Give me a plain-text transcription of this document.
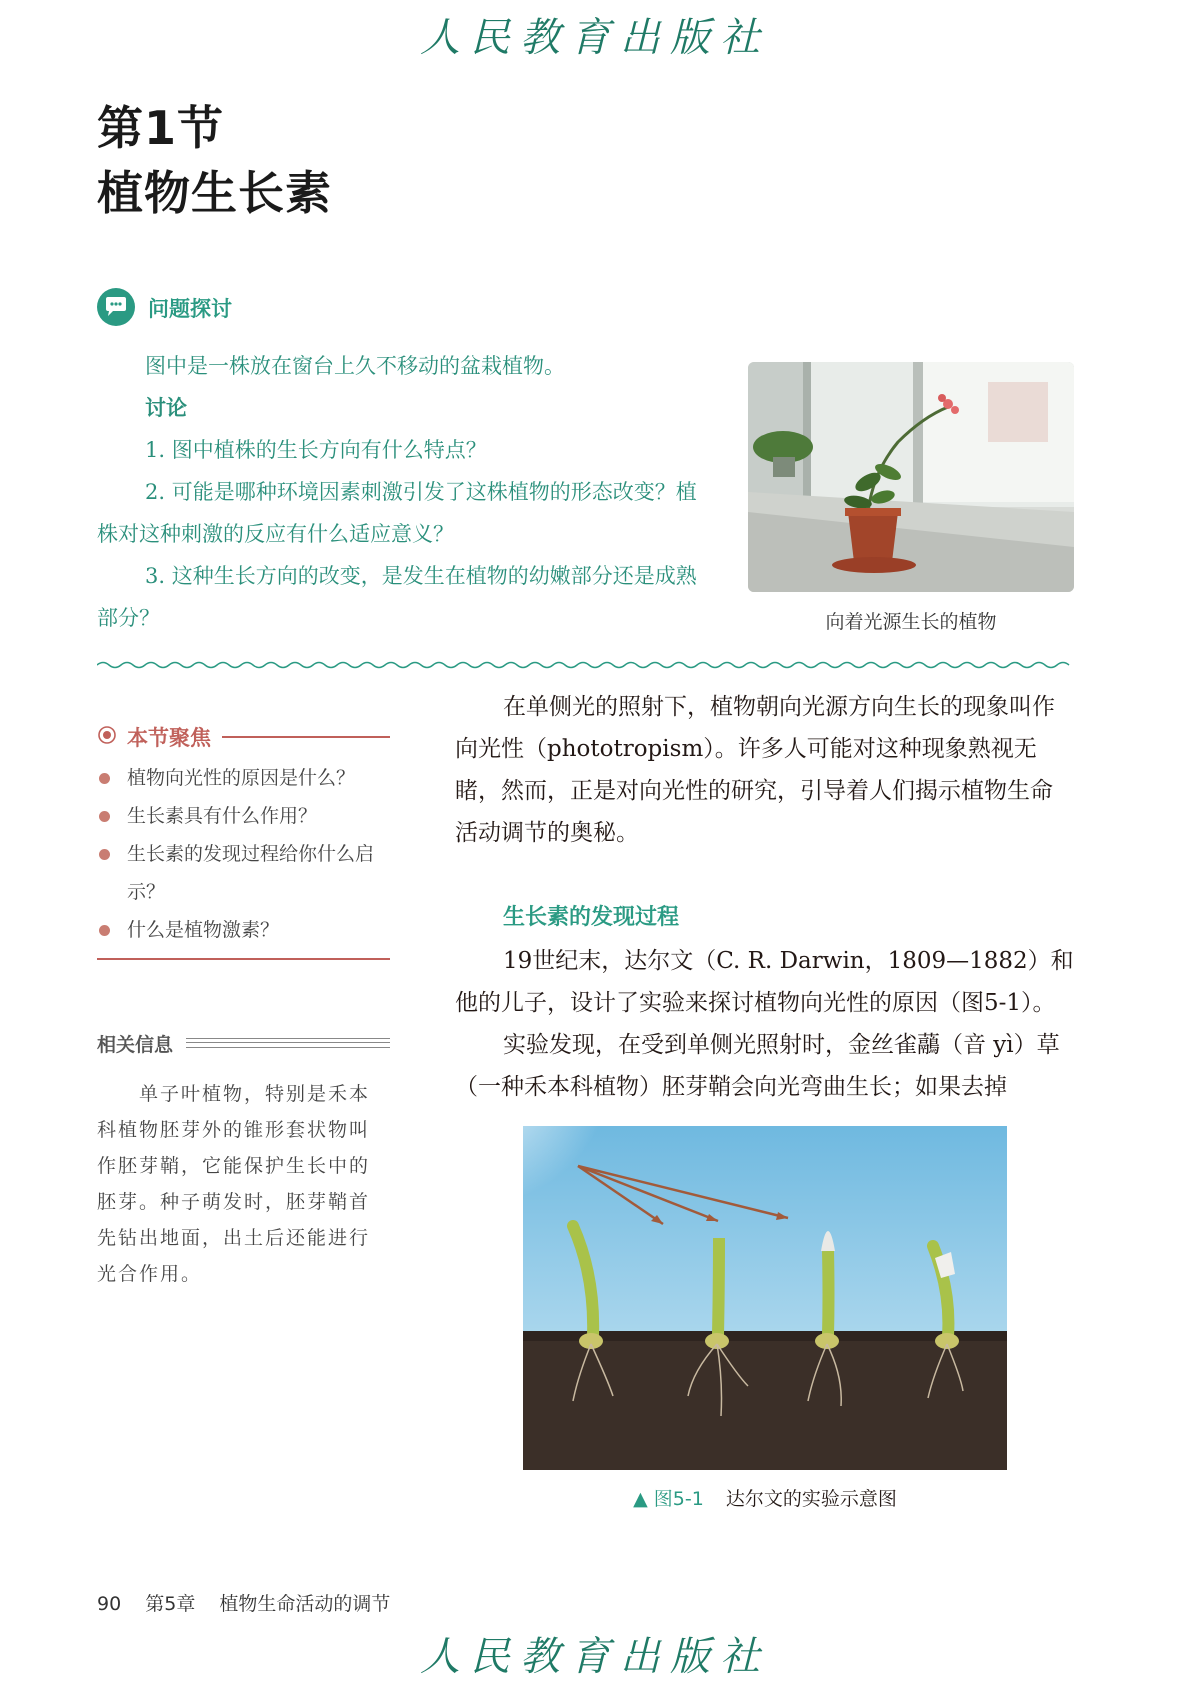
人民教育出版社
第1节
植物生长素
问题探讨
图中是一株放在窗台上久不移动的盆栽植物。
讨论

1. 图中植株的生长方向有什么特点？

2. 可能是哪种环境因素刺激引发了这株植物的形态改变？植株对这种刺激的反应有什么适应意义？

3. 这种生长方向的改变，是发生在植物的幼嫩部分还是成熟部分？	向着光源生长的植物
本节聚焦
植物向光性的原因是什么？
生长素具有什么作用？
生长素的发现过程给你什么启示？
什么是植物激素？
相关信息
单子叶植物，特别是禾本科植物胚芽外的锥形套状物叫作胚芽鞘，它能保护生长中的胚芽。种子萌发时，胚芽鞘首先钻出地面，出土后还能进行光合作用。

在单侧光的照射下，植物朝向光源方向生长的现象叫作向光性（phototropism）。许多人可能对这种现象熟视无睹，然而，正是对向光性的研究，引导着人们揭示植物生命活动调节的奥秘。

生长素的发现过程

19世纪末，达尔文（C. R. Darwin，1809—1882）和他的儿子，设计了实验来探讨植物向光性的原因（图5-1）。

实验发现，在受到单侧光照射时，金丝雀虉（音 yì）草（一种禾本科植物）胚芽鞘会向光弯曲生长；如果去掉

▲ 图5-1 达尔文的实验示意图
90 第5章 植物生命活动的调节
人民教育出版社
